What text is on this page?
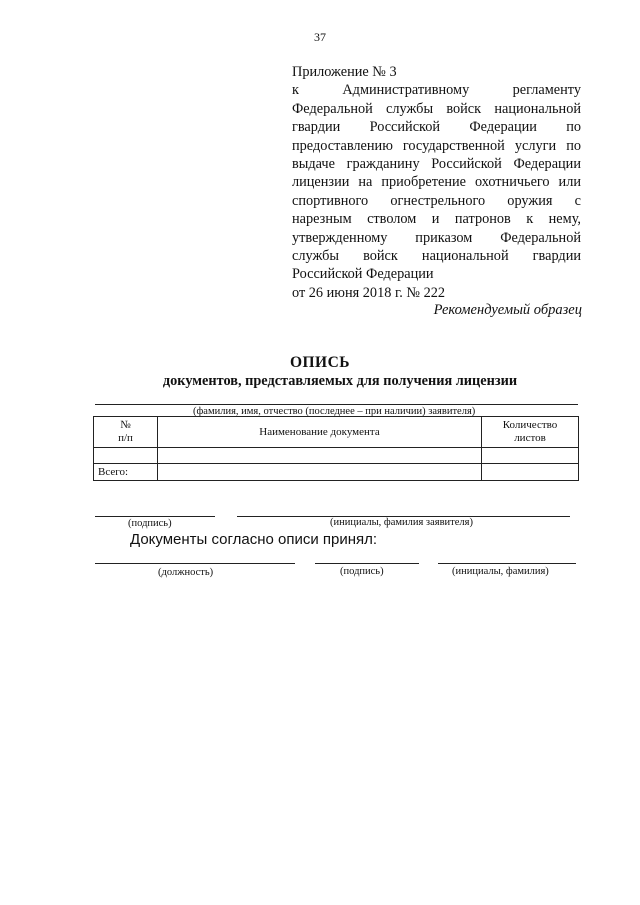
37
Приложение № 3
к Административному регламенту
Федеральной службы войск национальной
гвардии Российской Федерации по
предоставлению государственной услуги по
выдаче гражданину Российской Федерации
лицензии на приобретение охотничьего или
спортивного огнестрельного оружия с
нарезным стволом и патронов к нему,
утвержденному приказом Федеральной
службы войск национальной гвардии
Российской Федерации
от 26 июня 2018 г. № 222
Рекомендуемый образец
ОПИСЬ
документов, представляемых для получения лицензии
(фамилия, имя, отчество (последнее – при наличии) заявителя)
№
п/п	Наименование документа	Количество
листов

Всего:		
(подпись)	(инициалы, фамилия заявителя)
Документы согласно описи принял:
(должность)	(подпись)	(инициалы, фамилия)
